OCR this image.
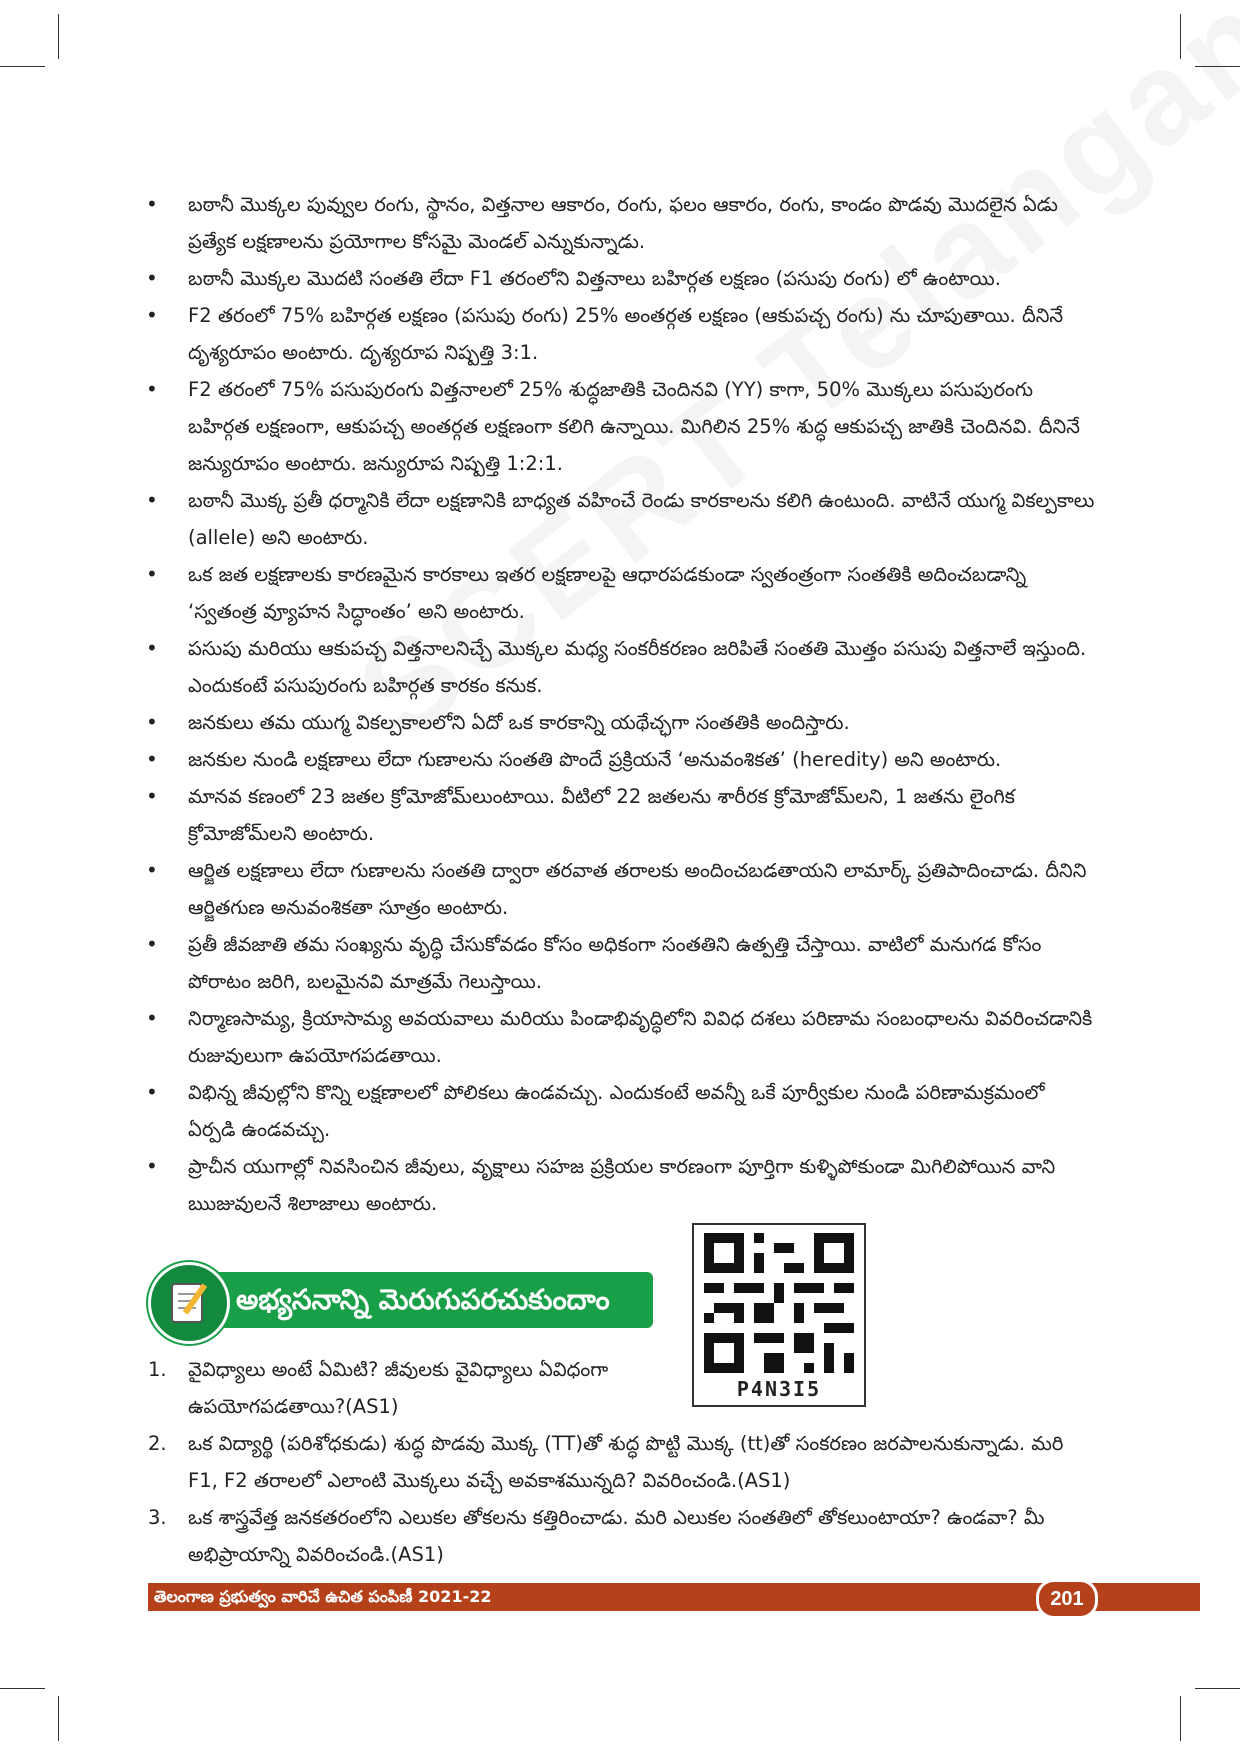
• బఠానీ మొక్కల పువ్వుల రంగు, స్థానం, విత్తనాల ఆకారం, రంగు, ఫలం ఆకారం, రంగు, కాండం పొడవు మొదలైన ఏడు ప్రత్యేక లక్షణాలను ప్రయోగాల కోసమై మెండల్ ఎన్నుకున్నాడు.
• బఠానీ మొక్కల మొదటి సంతతి లేదా F1 తరంలోని విత్తనాలు బహిర్గత లక్షణం (పసుపు రంగు) లో ఉంటాయి.
• F2 తరంలో 75% బహిర్గత లక్షణం (పసుపు రంగు) 25% అంతర్గత లక్షణం (ఆకుపచ్చ రంగు) ను చూపుతాయి. దీనినే దృశ్యరూపం అంటారు. దృశ్యరూప నిష్పత్తి 3:1.
• F2 తరంలో 75% పసుపురంగు విత్తనాలలో 25% శుద్ధజాతికి చెందినవి (YY) కాగా, 50% మొక్కలు పసుపురంగు బహిర్గత లక్షణంగా, ఆకుపచ్చ అంతర్గత లక్షణంగా కలిగి ఉన్నాయి. మిగిలిన 25% శుద్ధ ఆకుపచ్చ జాతికి చెందినవి. దీనినే జన్యురూపం అంటారు. జన్యురూప నిష్పత్తి 1:2:1.
• బఠానీ మొక్క ప్రతీ ధర్మానికి లేదా లక్షణానికి బాధ్యత వహించే రెండు కారకాలను కలిగి ఉంటుంది. వాటినే యుగ్మ వికల్పకాలు (allele) అని అంటారు.
• ఒక జత లక్షణాలకు కారణమైన కారకాలు ఇతర లక్షణాలపై ఆధారపడకుండా స్వతంత్రంగా సంతతికి అదించబడాన్ని ‘స్వతంత్ర వ్యూహన సిద్ధాంతం’ అని అంటారు.
• పసుపు మరియు ఆకుపచ్చ విత్తనాలనిచ్చే మొక్కల మధ్య సంకరీకరణం జరిపితే సంతతి మొత్తం పసుపు విత్తనాలే ఇస్తుంది. ఎందుకంటే పసుపురంగు బహిర్గత కారకం కనుక.
• జనకులు తమ యుగ్మ వికల్పకాలలోని ఏదో ఒక కారకాన్ని యథేచ్ఛగా సంతతికి అందిస్తారు.
• జనకుల నుండి లక్షణాలు లేదా గుణాలను సంతతి పొందే ప్రక్రియనే ‘అనువంశికత’ (heredity) అని అంటారు.
• మానవ కణంలో 23 జతల క్రోమోజోమ్‌లుంటాయి. వీటిలో 22 జతలను శారీరక క్రోమోజోమ్‌లని, 1 జతను లైంగిక క్రోమోజోమ్‌లని అంటారు.
• ఆర్జిత లక్షణాలు లేదా గుణాలను సంతతి ద్వారా తరవాత తరాలకు అందించబడతాయని లామార్క్ ప్రతిపాదించాడు. దీనిని ఆర్జితగుణ అనువంశికతా సూత్రం అంటారు.
• ప్రతీ జీవజాతి తమ సంఖ్యను వృద్ధి చేసుకోవడం కోసం అధికంగా సంతతిని ఉత్పత్తి చేస్తాయి. వాటిలో మనుగడ కోసం పోరాటం జరిగి, బలమైనవి మాత్రమే గెలుస్తాయి.
• నిర్మాణసామ్య, క్రియాసామ్య అవయవాలు మరియు పిండాభివృద్ధిలోని వివిధ దశలు పరిణామ సంబంధాలను వివరించడానికి రుజువులుగా ఉపయోగపడతాయి.
• విభిన్న జీవుల్లోని కొన్ని లక్షణాలలో పోలికలు ఉండవచ్చు. ఎందుకంటే అవన్నీ ఒకే పూర్వీకుల నుండి పరిణామక్రమంలో ఏర్పడి ఉండవచ్చు.
• ప్రాచీన యుగాల్లో నివసించిన జీవులు, వృక్షాలు సహజ ప్రక్రియల కారణంగా పూర్తిగా కుళ్ళిపోకుండా మిగిలిపోయిన వాని ఋజువులనే శిలాజాలు అంటారు.
అభ్యసనాన్ని మెరుగుపరచుకుందాం
P4N3I5
1. వైవిధ్యాలు అంటే ఏమిటి? జీవులకు వైవిధ్యాలు ఏవిధంగా ఉపయోగపడతాయి?(AS1)
2. ఒక విద్యార్థి (పరిశోధకుడు) శుద్ధ పొడవు మొక్క (TT)తో శుద్ధ పొట్టి మొక్క (tt)తో సంకరణం జరపాలనుకున్నాడు. మరి F1, F2 తరాలలో ఎలాంటి మొక్కలు వచ్చే అవకాశమున్నది? వివరించండి.(AS1)
3. ఒక శాస్త్రవేత్త జనకతరంలోని ఎలుకల తోకలను కత్తిరించాడు. మరి ఎలుకల సంతతిలో తోకలుంటాయా? ఉండవా? మీ అభిప్రాయాన్ని వివరించండి.(AS1)
తెలంగాణ ప్రభుత్వం వారిచే ఉచిత పంపిణీ 2021-22	201
